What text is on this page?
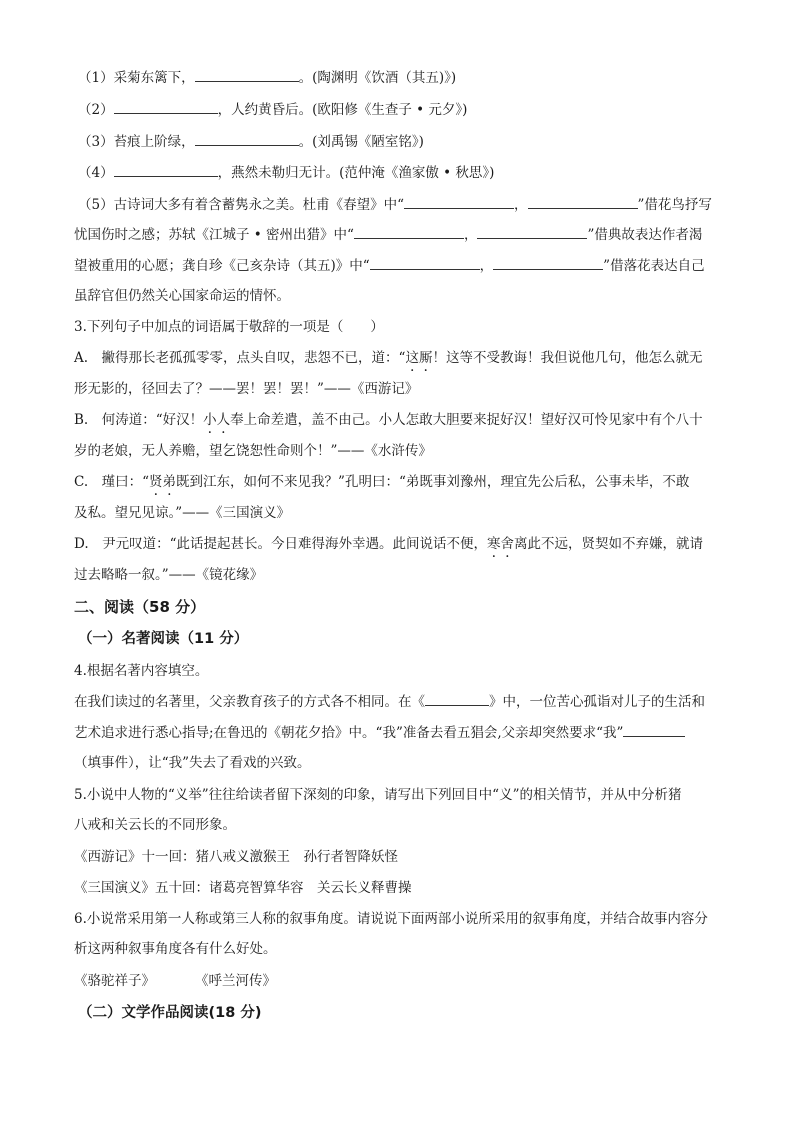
（1）采菊东篱下，	。(陶渊明《饮酒（其五)》)
（2）	，人约黄昏后。(欧阳修《生查子 • 元夕》)
（3）苔痕上阶绿，	。(刘禹锡《陋室铭》)
（4）	，燕然未勒归无计。(范仲淹《渔家傲 • 秋思》)
（5）古诗词大多有着含蓄隽永之美。杜甫《春望》中“	，	”借花鸟抒写
忧国伤时之感；苏轼《江城子 • 密州出猎》中“	，	”借典故表达作者渴
望被重用的心愿；龚自珍《己亥杂诗（其五)》中“	，	”借落花表达自己
虽辞官但仍然关心国家命运的情怀。
3.下列句子中加点的词语属于敬辞的一项是（　　）
A.　撇得那长老孤孤零零，点头自叹，悲怨不已，道：“这厮！这等不受教诲！我但说他几句，他怎么就无
形无影的，径回去了？——罢！罢！罢！”——《西游记》
B.　何涛道：“好汉！小人奉上命差遣，盖不由己。小人怎敢大胆要来捉好汉！望好汉可怜见家中有个八十
岁的老娘，无人养赡，望乞饶恕性命则个！”——《水浒传》
C.　瑾曰：“贤弟既到江东，如何不来见我？”孔明曰：“弟既事刘豫州，理宜先公后私，公事未毕，不敢
及私。望兄见谅。”——《三国演义》
D.　尹元叹道：“此话提起甚长。今日难得海外幸遇。此间说话不便，寒舍离此不远，贤契如不弃嫌，就请
过去略略一叙。”——《镜花缘》
二、阅读（58 分）
（一）名著阅读（11 分）
4.根据名著内容填空。
在我们读过的名著里，父亲教育孩子的方式各不相同。在《	》中，一位苦心孤诣对儿子的生活和
艺术追求进行悉心指导;在鲁迅的《朝花夕拾》中。“我”准备去看五猖会,父亲却突然要求“我”
（填事件），让“我”失去了看戏的兴致。
5.小说中人物的“义举”往往给读者留下深刻的印象，请写出下列回目中“义”的相关情节，并从中分析猪
八戒和关云长的不同形象。
《西游记》十一回：猪八戒义激猴王　孙行者智降妖怪
《三国演义》五十回：诸葛亮智算华容　关云长义释曹操
6.小说常采用第一人称或第三人称的叙事角度。请说说下面两部小说所采用的叙事角度，并结合故事内容分
析这两种叙事角度各有什么好处。
《骆驼祥子》	《呼兰河传》
（二）文学作品阅读(18 分)
